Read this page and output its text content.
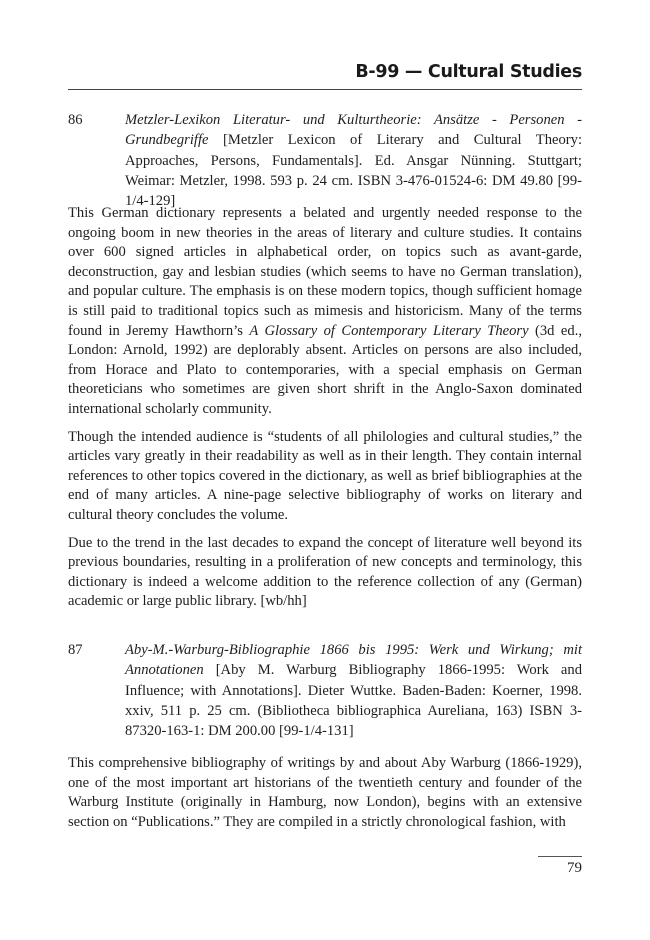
B-99 — Cultural Studies
86	Metzler-Lexikon Literatur- und Kulturtheorie: Ansätze - Personen - Grundbegriffe [Metzler Lexicon of Literary and Cultural Theory: Approaches, Persons, Fundamentals]. Ed. Ansgar Nünning. Stuttgart; Weimar: Metzler, 1998. 593 p. 24 cm. ISBN 3-476-01524-6: DM 49.80 [99-1/4-129]

This German dictionary represents a belated and urgently needed response to the ongoing boom in new theories in the areas of literary and culture studies. It contains over 600 signed articles in alphabetical order, on topics such as avant-garde, deconstruction, gay and lesbian studies (which seems to have no German translation), and popular culture. The emphasis is on these modern topics, though sufficient homage is still paid to traditional topics such as mimesis and historicism. Many of the terms found in Jeremy Hawthorn’s A Glossary of Contemporary Literary Theory (3d ed., London: Arnold, 1992) are deplorably absent. Articles on persons are also included, from Horace and Plato to contemporaries, with a special emphasis on German theoreticians who sometimes are given short shrift in the Anglo-Saxon dominated international scholarly community.

Though the intended audience is “students of all philologies and cultural studies,” the articles vary greatly in their readability as well as in their length. They contain internal references to other topics covered in the dictionary, as well as brief bibliographies at the end of many articles. A nine-page selective bibliography of works on literary and cultural theory concludes the volume.

Due to the trend in the last decades to expand the concept of literature well beyond its previous boundaries, resulting in a proliferation of new concepts and terminology, this dictionary is indeed a welcome addition to the reference collection of any (German) academic or large public library. [wb/hh]

87	Aby-M.-Warburg-Bibliographie 1866 bis 1995: Werk und Wirkung; mit Annotationen [Aby M. Warburg Bibliography 1866-1995: Work and Influence; with Annotations]. Dieter Wuttke. Baden-Baden: Koerner, 1998. xxiv, 511 p. 25 cm. (Bibliotheca bibliographica Aureliana, 163) ISBN 3-87320-163-1: DM 200.00 [99-1/4-131]

This comprehensive bibliography of writings by and about Aby Warburg (1866-1929), one of the most important art historians of the twentieth century and founder of the Warburg Institute (originally in Hamburg, now London), begins with an extensive section on “Publications.” They are compiled in a strictly chronological fashion, with

79
